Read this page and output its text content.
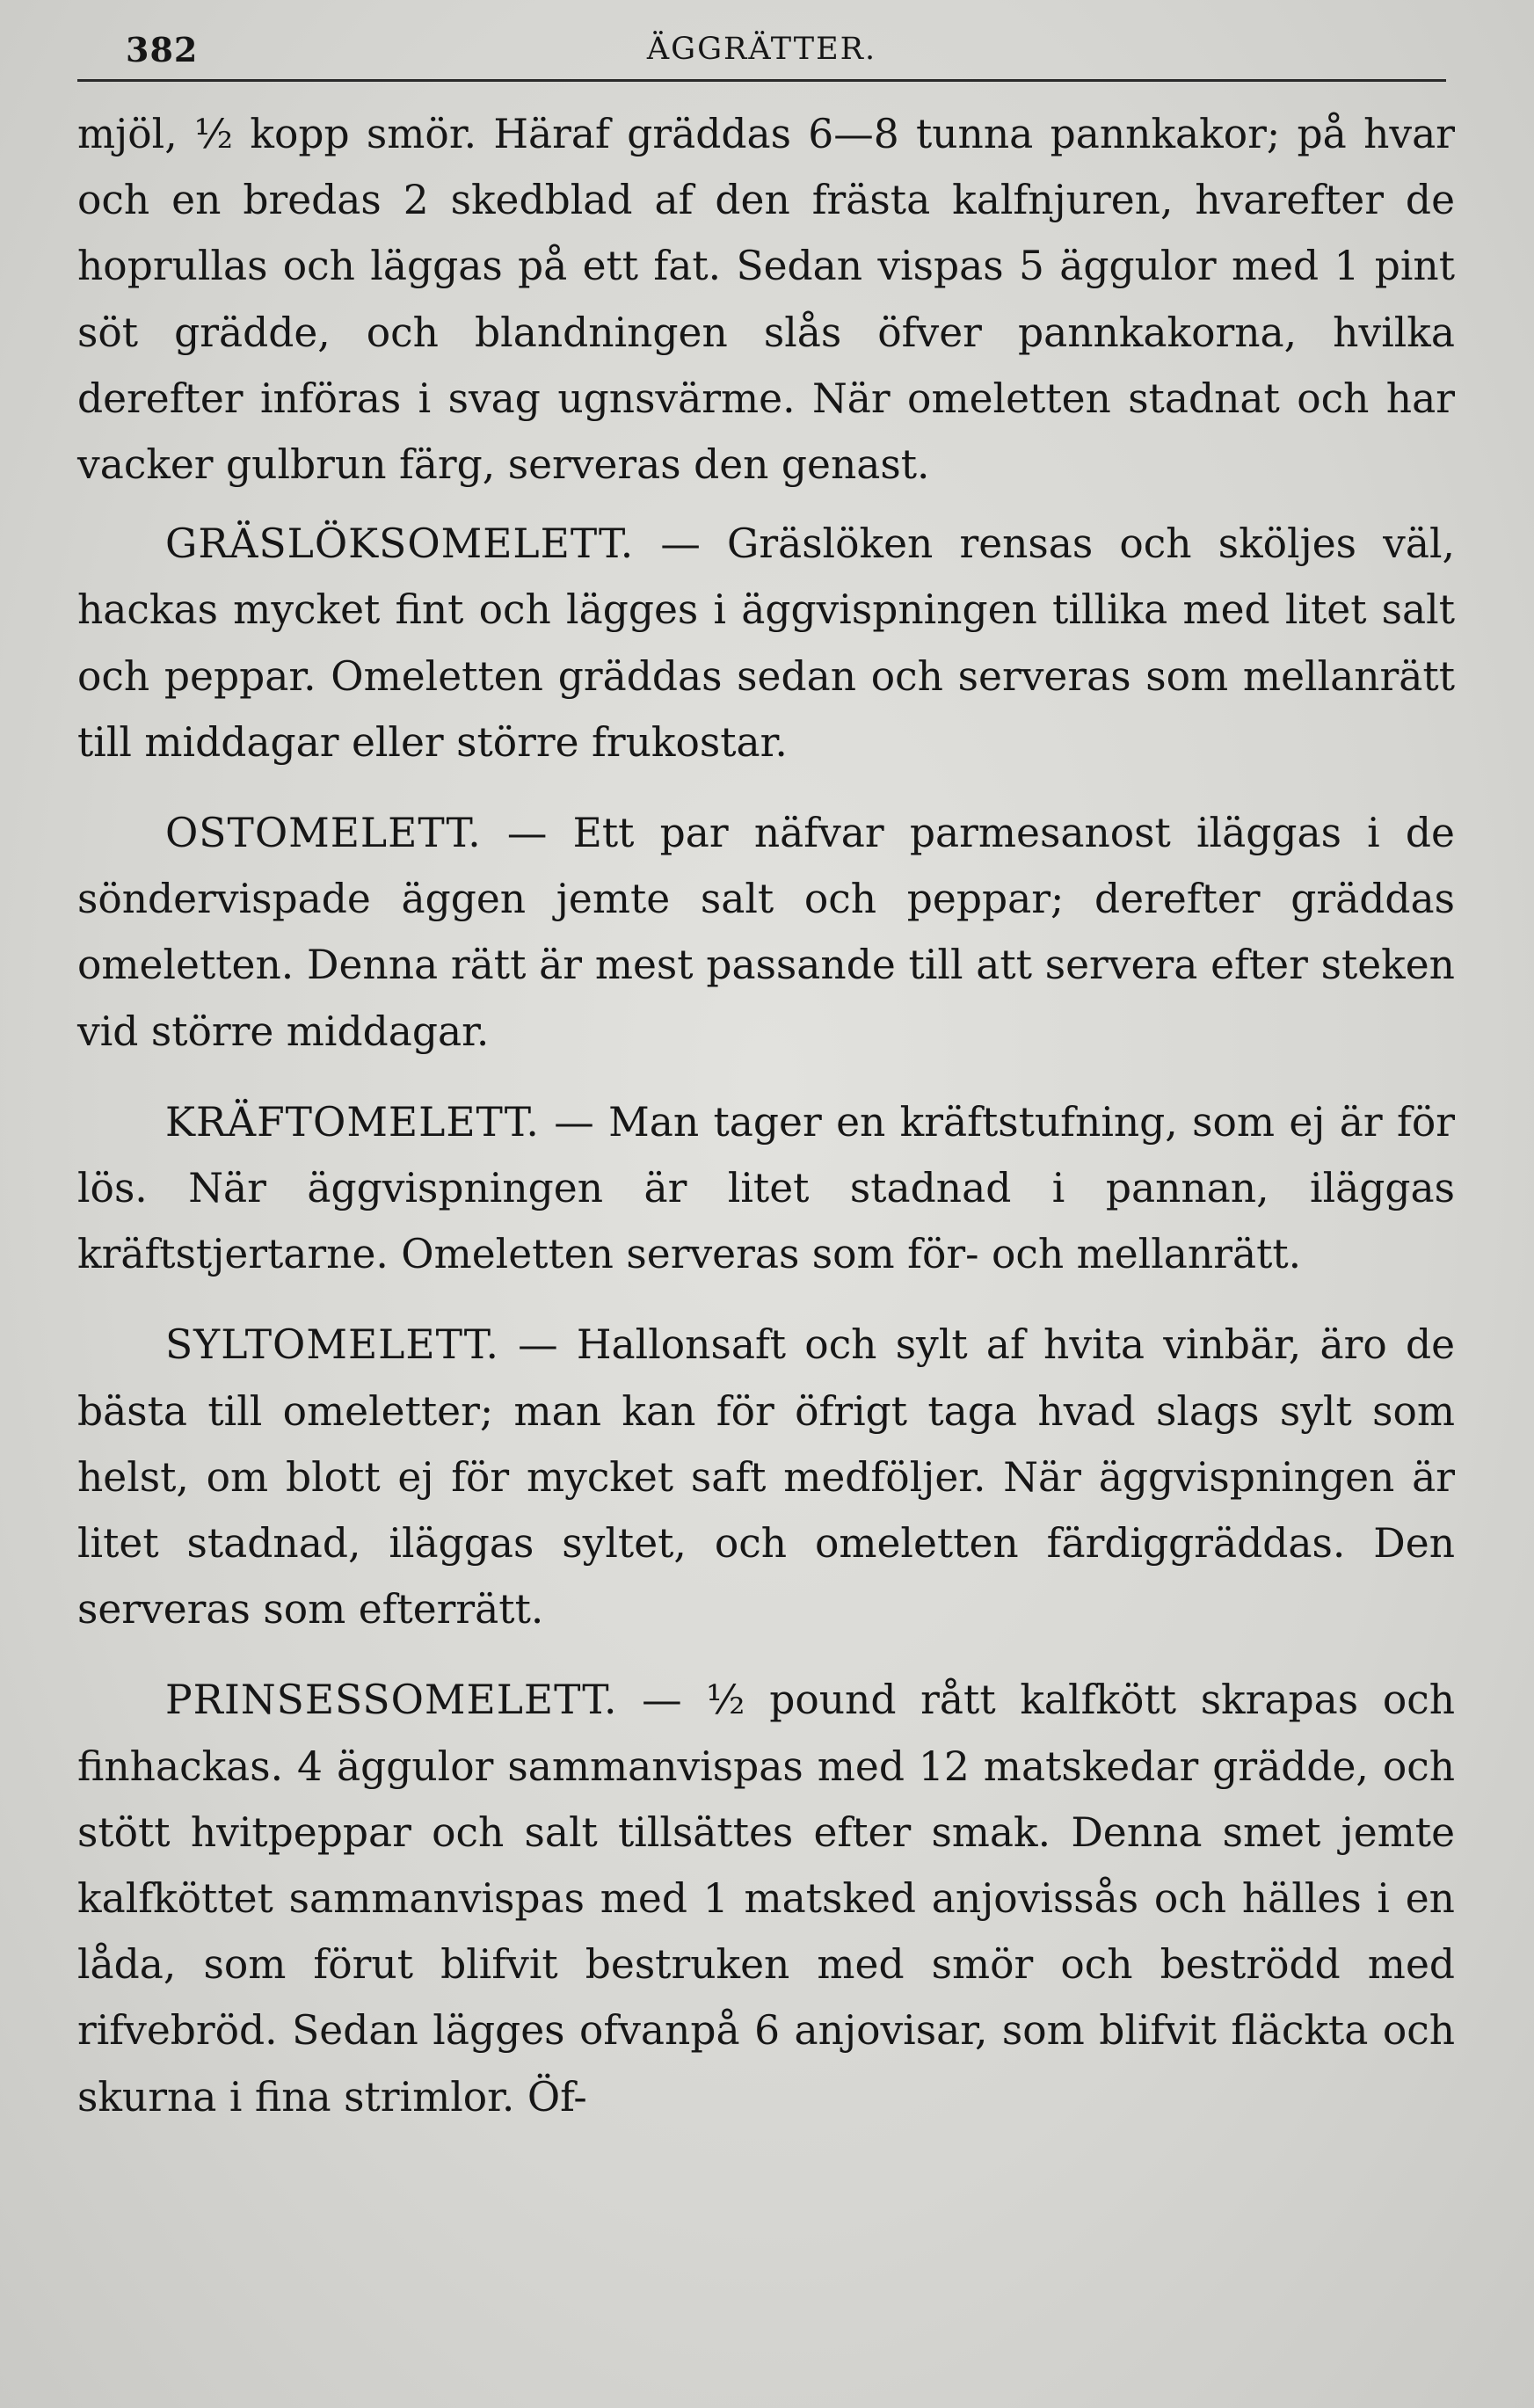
382	ÄGGRÄTTER.

mjöl, ½ kopp smör. Häraf gräddas 6—8 tunna pannkakor; på hvar och en bredas 2 skedblad af den frästa kalfnjuren, hvarefter de hoprullas och läggas på ett fat. Sedan vispas 5 äggulor med 1 pint söt grädde, och blandningen slås öfver pannkakorna, hvilka derefter införas i svag ugnsvärme. När omeletten stadnat och har vacker gulbrun färg, serveras den genast.

GRÄSLÖKSOMELETT. — Gräslöken rensas och sköljes väl, hackas mycket fint och lägges i äggvispningen tillika med litet salt och peppar. Omeletten gräddas sedan och serveras som mellanrätt till middagar eller större frukostar.

OSTOMELETT. — Ett par näfvar parmesanost iläggas i de söndervispade äggen jemte salt och peppar; derefter gräddas omeletten. Denna rätt är mest passande till att servera efter steken vid större middagar.

KRÄFTOMELETT. — Man tager en kräftstufning, som ej är för lös. När äggvispningen är litet stadnad i pannan, iläggas kräftstjertarne. Omeletten serveras som för- och mellanrätt.

SYLTOMELETT. — Hallonsaft och sylt af hvita vinbär, äro de bästa till omeletter; man kan för öfrigt taga hvad slags sylt som helst, om blott ej för mycket saft medföljer. När äggvispningen är litet stadnad, iläggas syltet, och omeletten färdiggräddas. Den serveras som efterrätt.

PRINSESSOMELETT. — ½ pound rått kalfkött skrapas och finhackas. 4 äggulor sammanvispas med 12 matskedar grädde, och stött hvitpeppar och salt tillsättes efter smak. Denna smet jemte kalfköttet sammanvispas med 1 matsked anjovissås och hälles i en låda, som förut blifvit bestruken med smör och beströdd med rifvebröd. Sedan lägges ofvanpå 6 anjovisar, som blifvit fläckta och skurna i fina strimlor. Öf-
